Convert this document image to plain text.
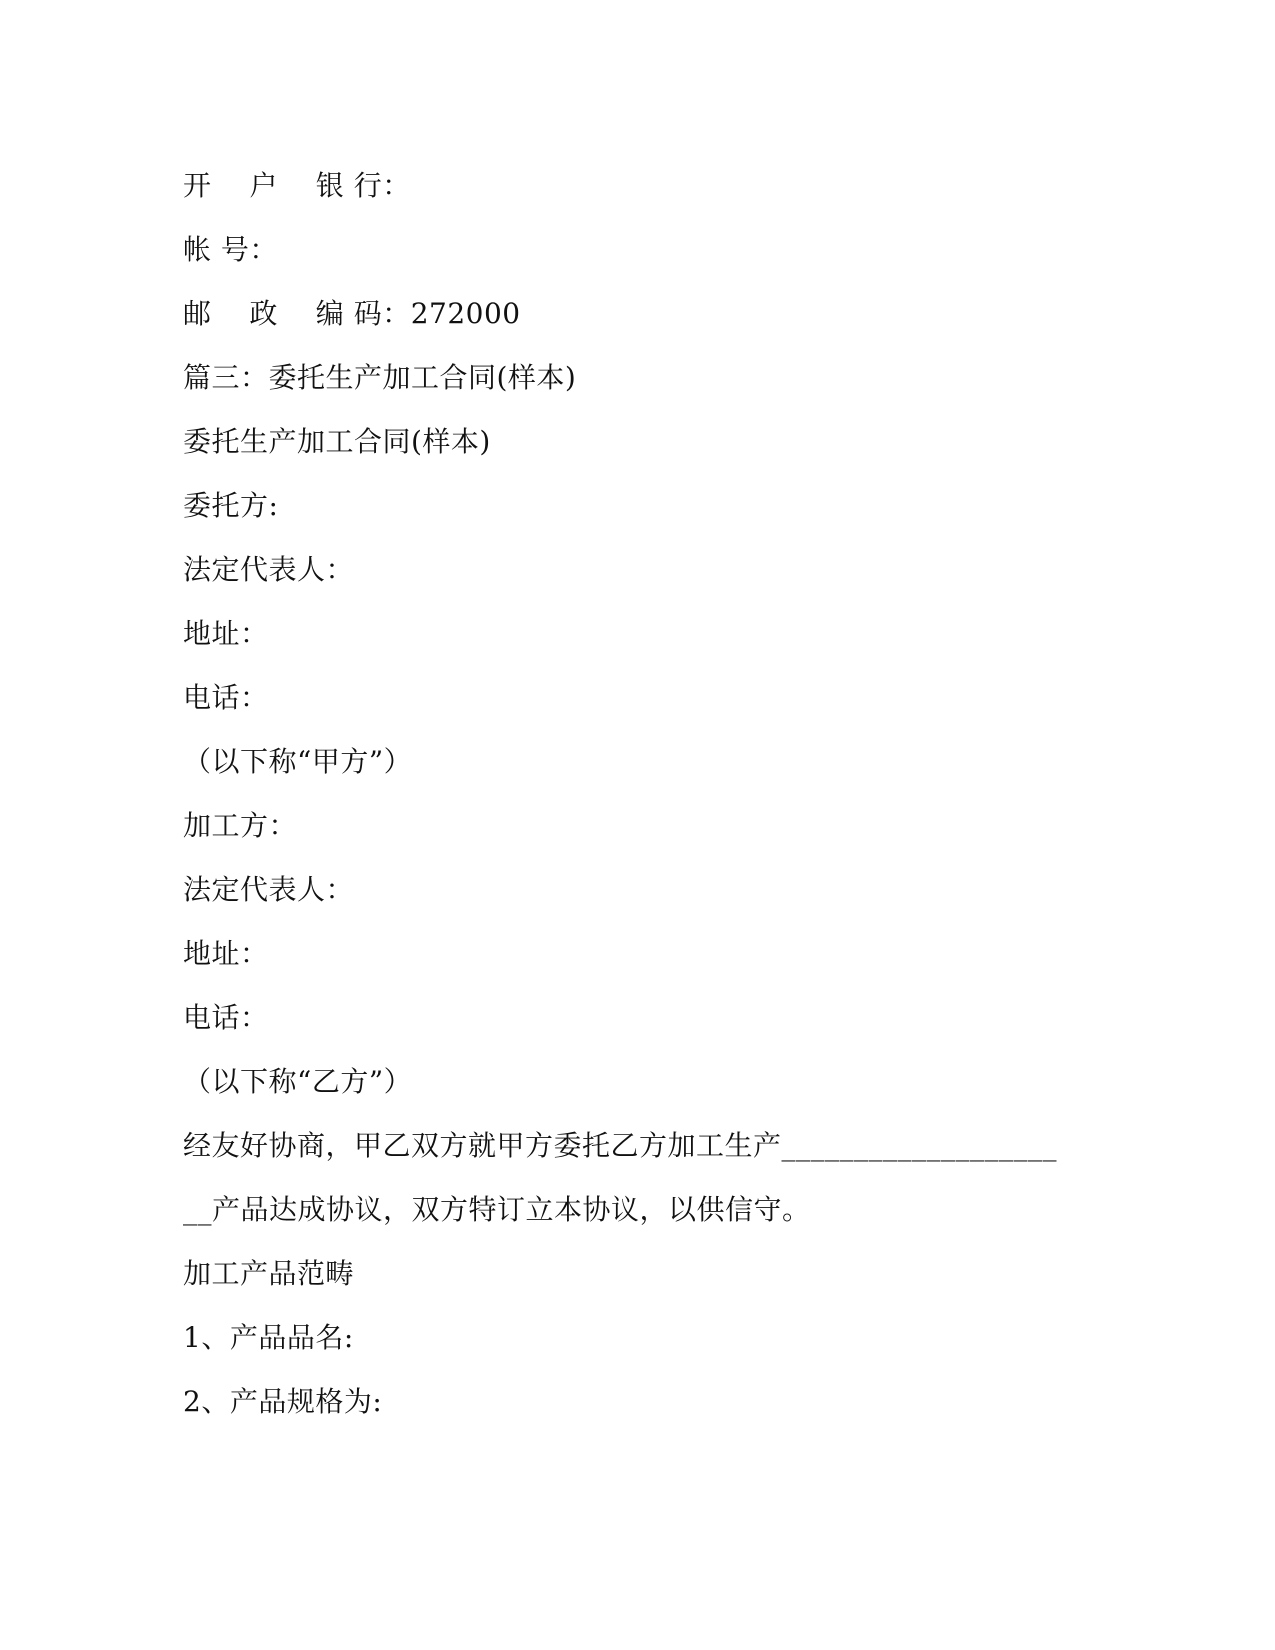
开　 户　 银 行：
帐 号：
邮　 政　 编 码：272000
篇三：委托生产加工合同(样本)
委托生产加工合同(样本)
委托方:
法定代表人：
地址：
电话：
（以下称“甲方”）
加工方：
法定代表人：
地址：
电话：
（以下称“乙方”）
经友好协商，甲乙双方就甲方委托乙方加工生产___________________
__产品达成协议，双方特订立本协议，以供信守。
加工产品范畴
1、产品品名:
2、产品规格为:
